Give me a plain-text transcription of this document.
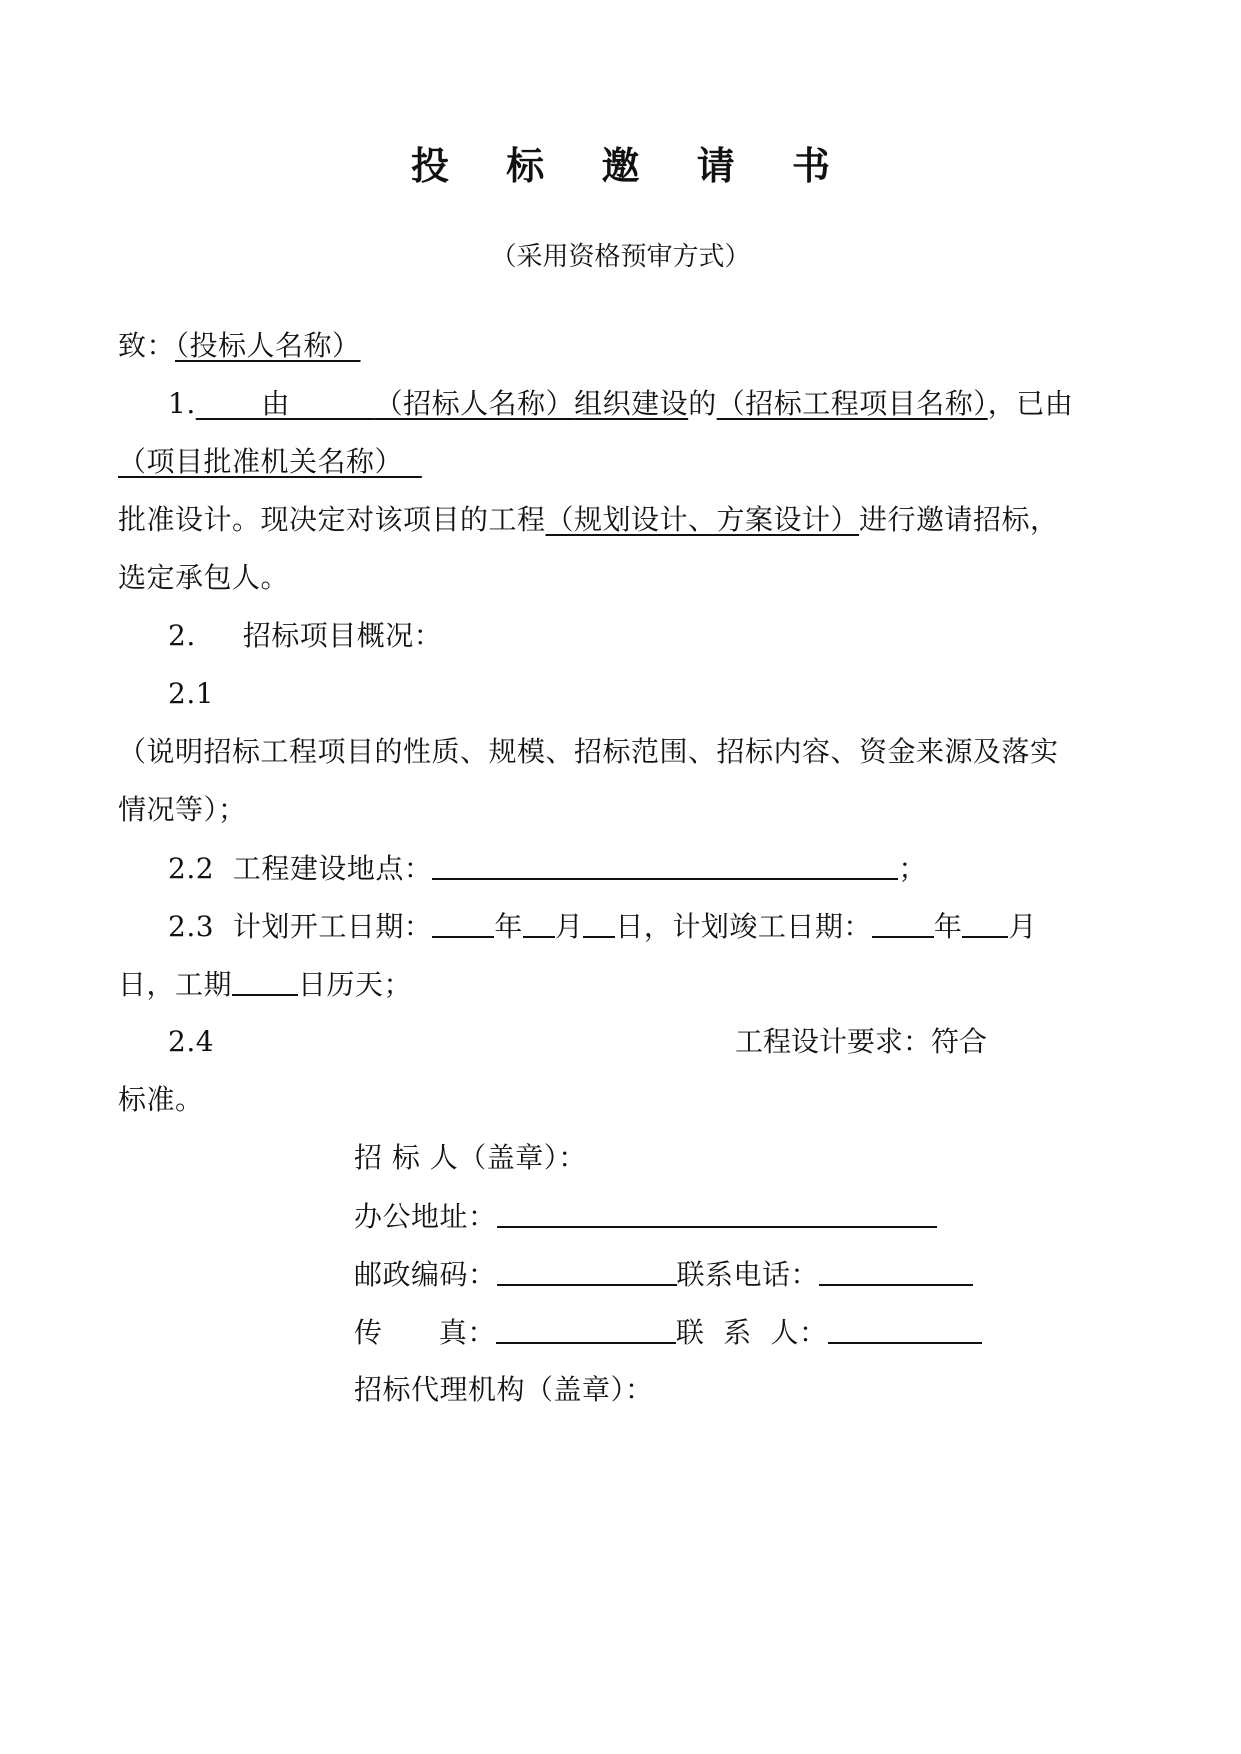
投 标 邀 请 书
（采用资格预审方式）
致：（投标人名称）
1. 由	（招标人名称）组织建设的（招标工程项目名称），已由
（项目批准机关名称）
批准设计。现决定对该项目的工程（规划设计、方案设计）进行邀请招标，
选定承包人。
2. 招标项目概况：
2.1
（说明招标工程项目的性质、规模、招标范围、招标内容、资金来源及落实
情况等）；
2.2 工程建设地点：	；
2.3 计划开工日期： 年 月 日，计划竣工日期： 年 月
日，工期 日历天；
2.4	工程设计要求：符合
标准。
招 标 人（盖章）：
办公地址：
邮政编码：	联系电话：
传      真：	联  系  人：
招标代理机构（盖章）：
